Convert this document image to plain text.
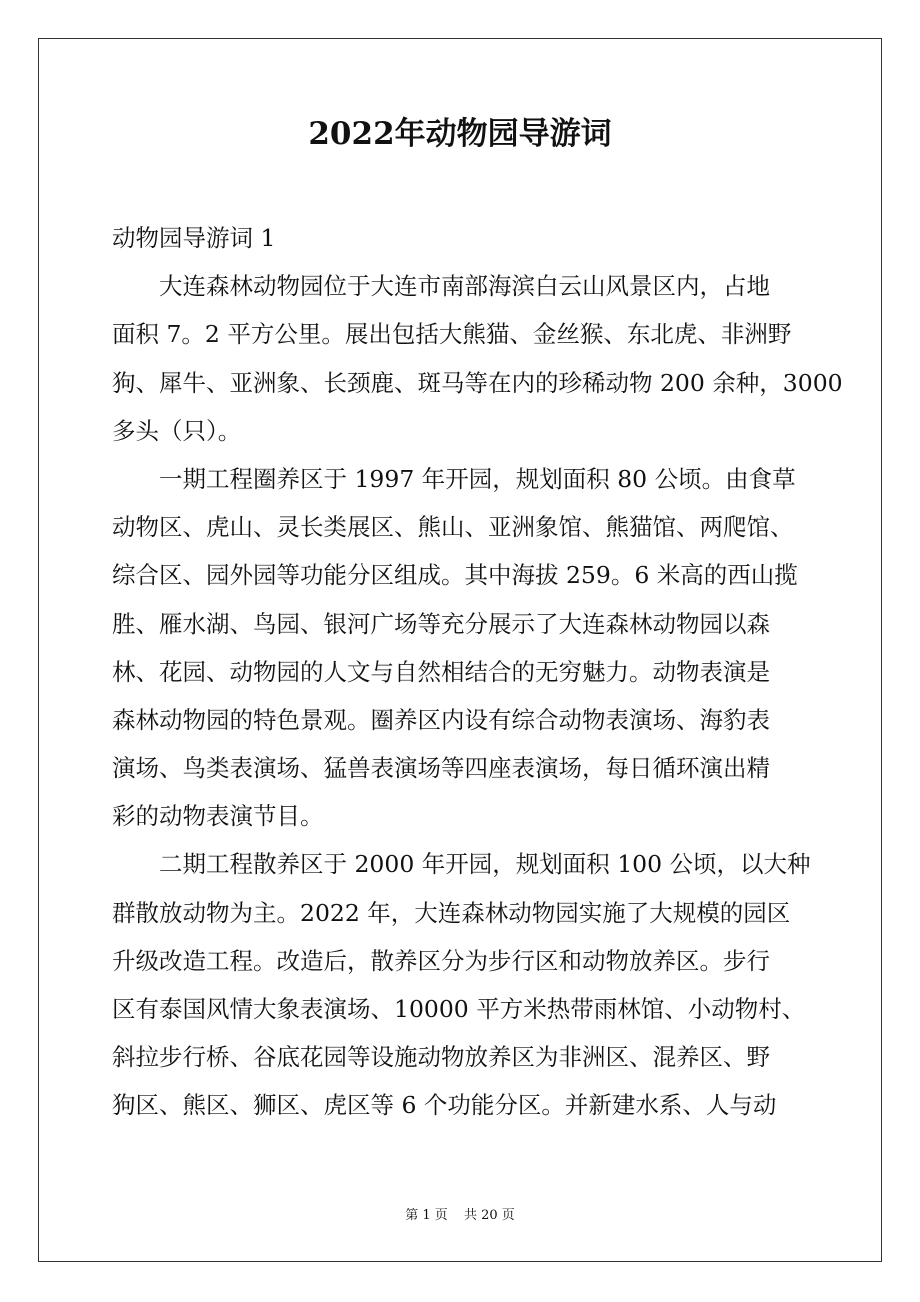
2022年动物园导游词
动物园导游词 1
　　大连森林动物园位于大连市南部海滨白云山风景区内，占地
面积 7。2 平方公里。展出包括大熊猫、金丝猴、东北虎、非洲野
狗、犀牛、亚洲象、长颈鹿、斑马等在内的珍稀动物 200 余种，3000
多头（只）。
　　一期工程圈养区于 1997 年开园，规划面积 80 公顷。由食草
动物区、虎山、灵长类展区、熊山、亚洲象馆、熊猫馆、两爬馆、
综合区、园外园等功能分区组成。其中海拔 259。6 米高的西山揽
胜、雁水湖、鸟园、银河广场等充分展示了大连森林动物园以森
林、花园、动物园的人文与自然相结合的无穷魅力。动物表演是
森林动物园的特色景观。圈养区内设有综合动物表演场、海豹表
演场、鸟类表演场、猛兽表演场等四座表演场，每日循环演出精
彩的动物表演节目。
　　二期工程散养区于 2000 年开园，规划面积 100 公顷，以大种
群散放动物为主。2022 年，大连森林动物园实施了大规模的园区
升级改造工程。改造后，散养区分为步行区和动物放养区。步行
区有泰国风情大象表演场、10000 平方米热带雨林馆、小动物村、
斜拉步行桥、谷底花园等设施动物放养区为非洲区、混养区、野
狗区、熊区、狮区、虎区等 6 个功能分区。并新建水系、人与动
第 1 页 共 20 页
